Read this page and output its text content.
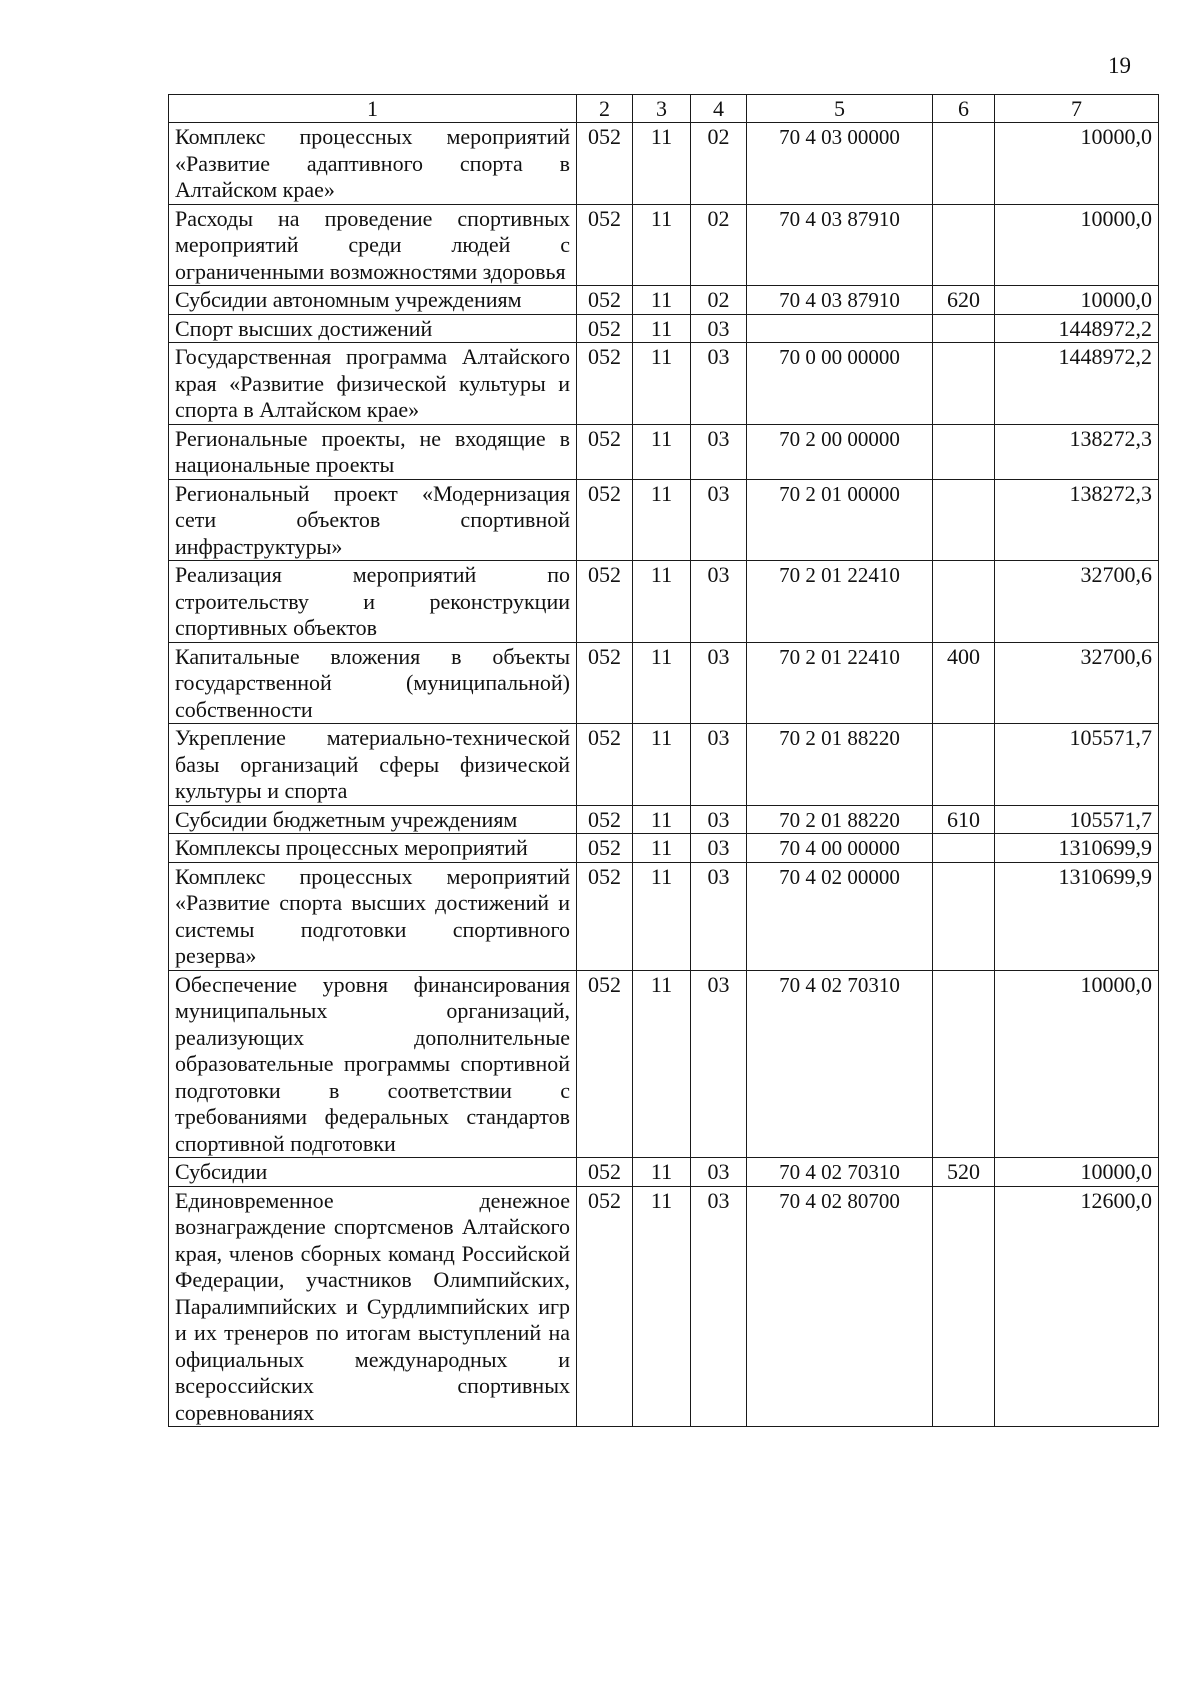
19
1	2	3	4	5	6	7
Комплекс процессных мероприятий «Развитие адаптивного спорта в Алтайском крае»	052	11	02	70 4 03 00000		10000,0
Расходы на проведение спортивных мероприятий среди людей с ограниченными возможностями здоровья	052	11	02	70 4 03 87910		10000,0
Субсидии автономным учреждениям	052	11	02	70 4 03 87910	620	10000,0
Спорт высших достижений	052	11	03			1448972,2
Государственная программа Алтайского края «Развитие физической культуры и спорта в Алтайском крае»	052	11	03	70 0 00 00000		1448972,2
Региональные проекты, не входящие в национальные проекты	052	11	03	70 2 00 00000		138272,3
Региональный проект «Модернизация сети объектов спортивной инфраструктуры»	052	11	03	70 2 01 00000		138272,3
Реализация мероприятий по строительству и реконструкции спортивных объектов	052	11	03	70 2 01 22410		32700,6
Капитальные вложения в объекты государственной (муниципальной) собственности	052	11	03	70 2 01 22410	400	32700,6
Укрепление материально-технической базы организаций сферы физической культуры и спорта	052	11	03	70 2 01 88220		105571,7
Субсидии бюджетным учреждениям	052	11	03	70 2 01 88220	610	105571,7
Комплексы процессных мероприятий	052	11	03	70 4 00 00000		1310699,9
Комплекс процессных мероприятий «Развитие спорта высших достижений и системы подготовки спортивного резерва»	052	11	03	70 4 02 00000		1310699,9
Обеспечение уровня финансирования муниципальных организаций, реализующих дополнительные образовательные программы спортивной подготовки в соответствии с требованиями федеральных стандартов спортивной подготовки	052	11	03	70 4 02 70310		10000,0
Субсидии	052	11	03	70 4 02 70310	520	10000,0
Единовременное денежное вознаграждение спортсменов Алтайского края, членов сборных команд Российской Федерации, участников Олимпийских, Паралимпийских и Сурдлимпийских игр и их тренеров по итогам выступлений на официальных международных и всероссийских спортивных соревнованиях	052	11	03	70 4 02 80700		12600,0
